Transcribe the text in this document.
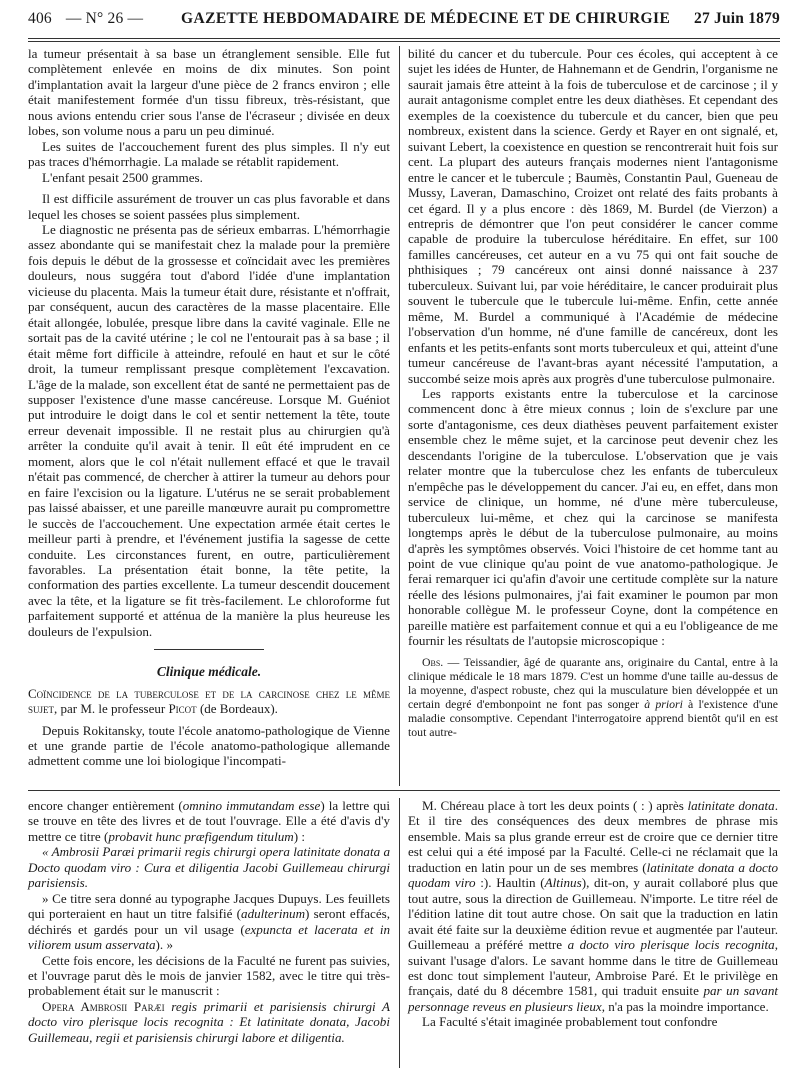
406 — N° 26 —	GAZETTE HEBDOMADAIRE DE MÉDECINE ET DE CHIRURGIE	27 Juin 1879

la tumeur présentait à sa base un étranglement sensible. Elle fut complètement enlevée en moins de dix minutes. Son point d'implantation avait la largeur d'une pièce de 2 francs environ ; elle était manifestement formée d'un tissu fibreux, très-résistant, que nous avions entendu crier sous l'anse de l'écraseur ; divisée en deux lobes, son volume nous a paru un peu diminué.

Les suites de l'accouchement furent des plus simples. Il n'y eut pas traces d'hémorrhagie. La malade se rétablit rapidement.

L'enfant pesait 2500 grammes.

Il est difficile assurément de trouver un cas plus favorable et dans lequel les choses se soient passées plus simplement.

Le diagnostic ne présenta pas de sérieux embarras. L'hémorrhagie assez abondante qui se manifestait chez la malade pour la première fois depuis le début de la grossesse et coïncidait avec les premières douleurs, nous suggéra tout d'abord l'idée d'une implantation vicieuse du placenta. Mais la tumeur était dure, résistante et n'offrait, par conséquent, aucun des caractères de la masse placentaire. Elle était allongée, lobulée, presque libre dans la cavité vaginale. Elle ne sortait pas de la cavité utérine ; le col ne l'entourait pas à sa base ; il était même fort difficile à atteindre, refoulé en haut et sur le côté droit, la tumeur remplissant presque complètement l'excavation. L'âge de la malade, son excellent état de santé ne permettaient pas de supposer l'existence d'une masse cancéreuse. Lorsque M. Guéniot put introduire le doigt dans le col et sentir nettement la tête, toute erreur devenait impossible. Il ne restait plus au chirurgien qu'à arrêter la conduite qu'il avait à tenir. Il eût été imprudent en ce moment, alors que le col n'était nullement effacé et que le travail n'était pas commencé, de chercher à attirer la tumeur au dehors pour en faire l'excision ou la ligature. L'utérus ne se serait probablement pas laissé abaisser, et une pareille manœuvre aurait pu compromettre le succès de l'accouchement. Une expectation armée était certes le meilleur parti à prendre, et l'événement justifia la sagesse de cette conduite. Les circonstances furent, en outre, particulièrement favorables. La présentation était bonne, la tête petite, la conformation des parties excellente. La tumeur descendit doucement avec la tête, et la ligature se fit très-facilement. Le chloroforme fut parfaitement supporté et atténua de la manière la plus heureuse les douleurs de l'expulsion.

Clinique médicale.

Coïncidence de la tuberculose et de la carcinose chez le même sujet, par M. le professeur Picot (de Bordeaux).

Depuis Rokitansky, toute l'école anatomo-pathologique de Vienne et une grande partie de l'école anatomo-pathologique allemande admettent comme une loi biologique l'incompati-

bilité du cancer et du tubercule. Pour ces écoles, qui acceptent à ce sujet les idées de Hunter, de Hahnemann et de Gendrin, l'organisme ne saurait jamais être atteint à la fois de tuberculose et de carcinose ; il y aurait antagonisme complet entre les deux diathèses. Et cependant des exemples de la coexistence du tubercule et du cancer, bien que peu nombreux, existent dans la science. Gerdy et Rayer en ont signalé, et, suivant Lebert, la coexistence en question se rencontrerait huit fois sur cent. La plupart des auteurs français modernes nient l'antagonisme entre le cancer et le tubercule ; Baumès, Constantin Paul, Gueneau de Mussy, Laveran, Damaschino, Croizet ont relaté des faits probants à cet égard. Il y a plus encore : dès 1869, M. Burdel (de Vierzon) a entrepris de démontrer que l'on peut considérer le cancer comme capable de produire la tuberculose héréditaire. En effet, sur 100 familles cancéreuses, cet auteur en a vu 75 qui ont fait souche de phthisiques ; 79 cancéreux ont ainsi donné naissance à 237 tuberculeux. Suivant lui, par voie héréditaire, le cancer produirait plus souvent le tubercule que le tubercule lui-même. Enfin, cette année même, M. Burdel a communiqué à l'Académie de médecine l'observation d'un homme, né d'une famille de cancéreux, dont les enfants et les petits-enfants sont morts tuberculeux et qui, atteint d'une tumeur cancéreuse de l'avant-bras ayant nécessité l'amputation, a succombé seize mois après aux progrès d'une tuberculose pulmonaire.

Les rapports existants entre la tuberculose et la carcinose commencent donc à être mieux connus ; loin de s'exclure par une sorte d'antagonisme, ces deux diathèses peuvent parfaitement exister ensemble chez le même sujet, et la carcinose peut devenir chez les descendants l'origine de la tuberculose. L'observation que je vais relater montre que la tuberculose chez les enfants de tuberculeux n'empêche pas le développement du cancer. J'ai eu, en effet, dans mon service de clinique, un homme, né d'une mère tuberculeuse, tuberculeux lui-même, et chez qui la carcinose se manifesta longtemps après le début de la tuberculose pulmonaire, au moins d'après les symptômes observés. Voici l'histoire de cet homme tant au point de vue clinique qu'au point de vue anatomo-pathologique. Je ferai remarquer ici qu'afin d'avoir une certitude complète sur la nature réelle des lésions pulmonaires, j'ai fait examiner le poumon par mon honorable collègue M. le professeur Coyne, dont la compétence en pareille matière est parfaitement connue et qui a eu l'obligeance de me fournir les résultats de l'autopsie microscopique :

Obs. — Teissandier, âgé de quarante ans, originaire du Cantal, entre à la clinique médicale le 18 mars 1879. C'est un homme d'une taille au-dessus de la moyenne, d'aspect robuste, chez qui la musculature bien développée et un certain degré d'embonpoint ne font pas songer à priori à l'existence d'une maladie consomptive. Cependant l'interrogatoire apprend bientôt qu'il en est tout autre-

encore changer entièrement (omnino immutandam esse) la lettre qui se trouve en tête des livres et de tout l'ouvrage. Elle a été d'avis d'y mettre ce titre (probavit hunc præfigendum titulum) :

« Ambrosii Paræi primarii regis chirurgi opera latinitate donata a Docto quodam viro : Cura et diligentia Jacobi Guillemeau chirurgi parisiensis.

» Ce titre sera donné au typographe Jacques Dupuys. Les feuillets qui porteraient en haut un titre falsifié (adulterinum) seront effacés, déchirés et gardés pour un vil usage (expuncta et lacerata et in viliorem usum asservata). »

Cette fois encore, les décisions de la Faculté ne furent pas suivies, et l'ouvrage parut dès le mois de janvier 1582, avec le titre qui très-probablement était sur le manuscrit :

Opera Ambrosii Paræi regis primarii et parisiensis chirurgi A docto viro plerisque locis recognita : Et latinitate donata, Jacobi Guillemeau, regii et parisiensis chirurgi labore et diligentia.

M. Chéreau place à tort les deux points ( : ) après latinitate donata. Et il tire des conséquences des deux membres de phrase mis ensemble. Mais sa plus grande erreur est de croire que ce dernier titre est celui qui a été imposé par la Faculté. Celle-ci ne réclamait que la traduction en latin pour un de ses membres (latinitate donata a docto quodam viro :). Haultin (Altinus), dit-on, y aurait collaboré plus que tout autre, sous la direction de Guillemeau. N'importe. Le titre réel de l'édition latine dit tout autre chose. On sait que la traduction en latin avait été faite sur la deuxième édition revue et augmentée par l'auteur. Guillemeau a préféré mettre a docto viro plerisque locis recognita, suivant l'usage d'alors. Le savant homme dans le titre de Guillemeau est donc tout simplement l'auteur, Ambroise Paré. Et le privilège en français, daté du 8 décembre 1581, qui traduit ensuite par un savant personnage reveus en plusieurs lieux, n'a pas la moindre importance.

La Faculté s'était imaginée probablement tout confondre
